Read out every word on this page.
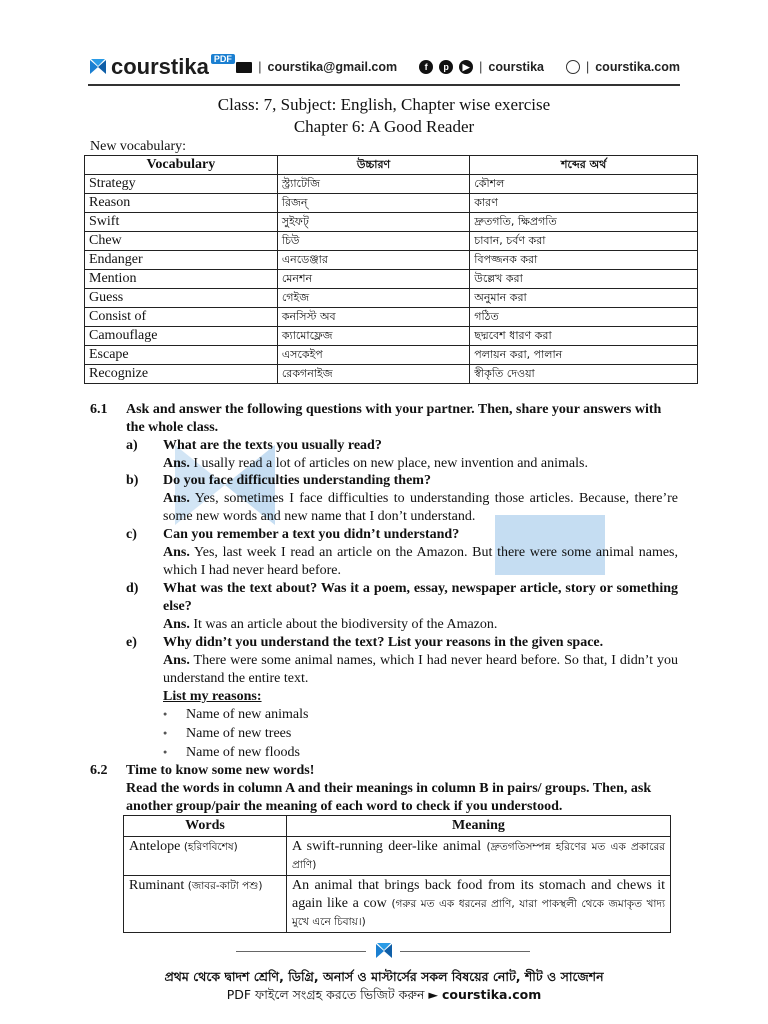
courstika PDF
| courstika@gmail.com	f	p	▶ | courstika	| courstika.com
Class: 7, Subject: English, Chapter wise exercise
Chapter 6: A Good Reader
New vocabulary:
Vocabulary	উচ্চারণ	শব্দের অর্থ
Strategy	স্ট্র্যাটেজি	কৌশল
Reason	রিজন্	কারণ
Swift	সুইফট্	দ্রুতগতি, ক্ষিপ্রগতি
Chew	চিউ	চাবান, চর্বণ করা
Endanger	এনডেঞ্জার	বিপজ্জনক করা
Mention	মেনশন	উল্লেখ করা
Guess	গেইজ	অনুমান করা
Consist of	কনসিস্ট অব	গঠিত
Camouflage	ক্যামোফ্লেজ	ছদ্মবেশ ধারণ করা
Escape	এসকেইপ	পলায়ন করা, পালান
Recognize	রেকগনাইজ	স্বীকৃতি দেওয়া
6.1 Ask and answer the following questions with your partner. Then, share your answers with the whole class.
a) What are the texts you usually read?
Ans. I usally read a lot of articles on new place, new invention and animals.
b) Do you face difficulties understanding them?
Ans. Yes, sometimes I face difficulties to understanding those articles. Because, there’re some new words and new name that I don’t understand.
c) Can you remember a text you didn’t understand?
Ans. Yes, last week I read an article on the Amazon. But there were some animal names, which I had never heard before.
d) What was the text about? Was it a poem, essay, newspaper article, story or something else?
Ans. It was an article about the biodiversity of the Amazon.
e) Why didn’t you understand the text? List your reasons in the given space.
Ans. There were some animal names, which I had never heard before. So that, I didn’t you understand the entire text.
List my reasons:
● Name of new animals
● Name of new trees
● Name of new floods
6.2 Time to know some new words!
Read the words in column A and their meanings in column B in pairs/ groups. Then, ask another group/pair the meaning of each word to check if you understood.
Words	Meaning
Antelope (হরিণবিশেষ)	A swift-running deer-like animal (দ্রুতগতিসম্পন্ন হরিণের মত এক প্রকারের প্রাণি)
Ruminant (জাবর-কাটা পশু)	An animal that brings back food from its stomach and chews it again like a cow (গরুর মত এক ধরনের প্রাণি, যারা পাকস্থলী থেকে জমাকৃত খাদ্য মুখে এনে চিবায়।)
প্রথম থেকে দ্বাদশ শ্রেণি, ডিগ্রি, অনার্স ও মাস্টার্সের সকল বিষয়ের নোট, শীট ও সাজেশন
PDF ফাইলে সংগ্রহ করতে ভিজিট করুন ► courstika.com
